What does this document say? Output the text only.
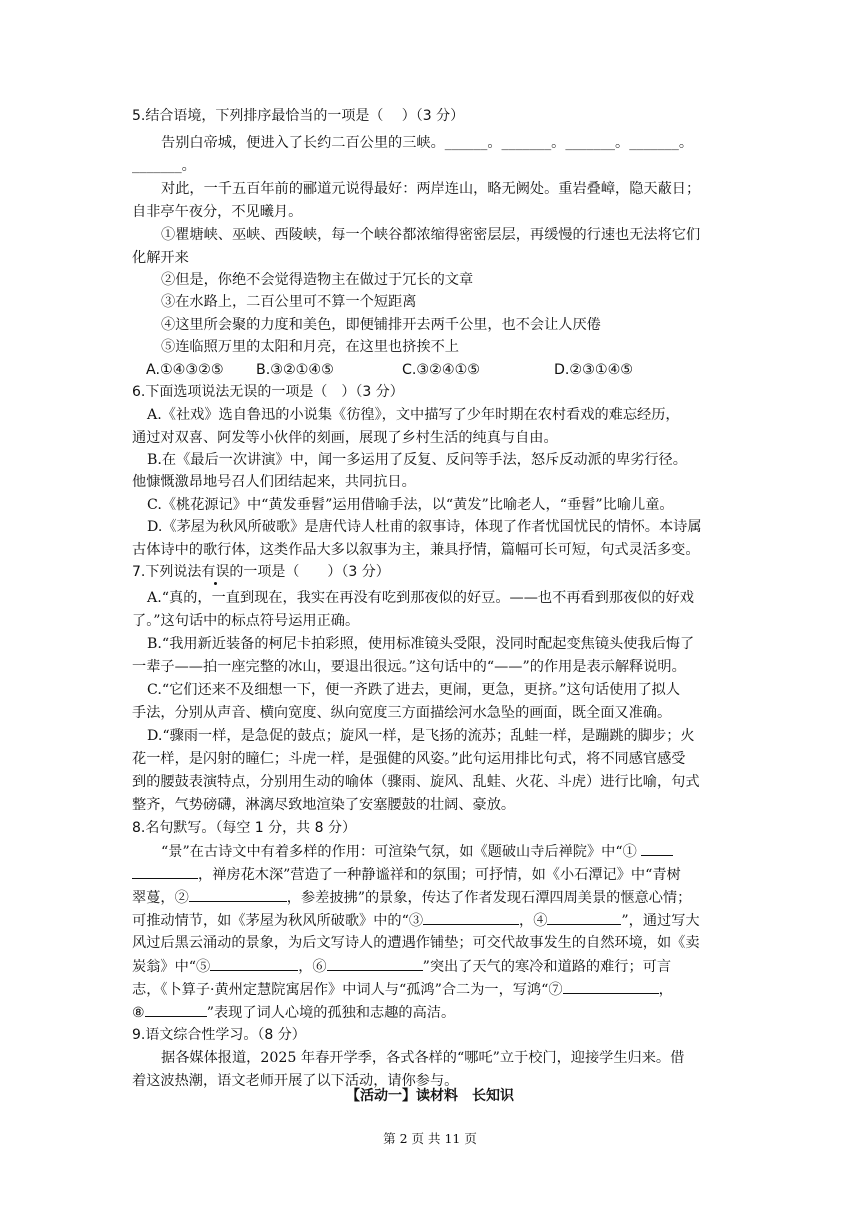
5.结合语境，下列排序最恰当的一项是（　 ）（3 分）
告别白帝城，便进入了长约二百公里的三峡。______。_______。_______。_______。
_______。
对此，一千五百年前的郦道元说得最好：两岸连山，略无阙处。重岩叠嶂，隐天蔽日；
自非亭午夜分，不见曦月。
①瞿塘峡、巫峡、西陵峡，每一个峡谷都浓缩得密密层层，再缓慢的行速也无法将它们
化解开来
②但是，你绝不会觉得造物主在做过于冗长的文章
③在水路上，二百公里可不算一个短距离
④这里所会聚的力度和美色，即便铺排开去两千公里，也不会让人厌倦
⑤连临照万里的太阳和月亮，在这里也挤挨不上
A.①④③②⑤ B.③②①④⑤	C.③②④①⑤	D.②③①④⑤
6.下面选项说法无误的一项是（　）（3 分）
A.《社戏》选自鲁迅的小说集《彷徨》，文中描写了少年时期在农村看戏的难忘经历，
通过对双喜、阿发等小伙伴的刻画，展现了乡村生活的纯真与自由。
B.在《最后一次讲演》中，闻一多运用了反复、反问等手法，怒斥反动派的卑劣行径。
他慷慨激昂地号召人们团结起来，共同抗日。
C.《桃花源记》中“黄发垂髫”运用借喻手法，以“黄发”比喻老人，“垂髫”比喻儿童。
D.《茅屋为秋风所破歌》是唐代诗人杜甫的叙事诗，体现了作者忧国忧民的情怀。本诗属
古体诗中的歌行体，这类作品大多以叙事为主，兼具抒情，篇幅可长可短，句式灵活多变。
7.下列说法有误的一项是（　　）（3 分）
A.“真的，一直到现在，我实在再没有吃到那夜似的好豆。——也不再看到那夜似的好戏
了。”这句话中的标点符号运用正确。
B.“我用新近装备的柯尼卡拍彩照，使用标准镜头受限，没同时配起变焦镜头使我后悔了
一辈子——拍一座完整的冰山，要退出很远。”这句话中的“——”的作用是表示解释说明。
C.“它们还来不及细想一下，便一齐跌了进去，更闹，更急，更挤。”这句话使用了拟人
手法，分别从声音、横向宽度、纵向宽度三方面描绘河水急坠的画面，既全面又准确。
D.“骤雨一样，是急促的鼓点；旋风一样，是飞扬的流苏；乱蛙一样，是蹦跳的脚步；火
花一样，是闪射的瞳仁；斗虎一样，是强健的风姿。”此句运用排比句式，将不同感官感受
到的腰鼓表演特点，分别用生动的喻体（骤雨、旋风、乱蛙、火花、斗虎）进行比喻，句式
整齐，气势磅礴，淋漓尽致地渲染了安塞腰鼓的壮阔、豪放。
8.名句默写。（每空 1 分，共 8 分）
“景”在古诗文中有着多样的作用：可渲染气氛，如《题破山寺后禅院》中“①
，禅房花木深”营造了一种静谧祥和的氛围；可抒情，如《小石潭记》中“青树
翠蔓，②	，参差披拂”的景象，传达了作者发现石潭四周美景的惬意心情；
可推动情节，如《茅屋为秋风所破歌》中的“③	，④	”，通过写大
风过后黑云涌动的景象，为后文写诗人的遭遇作铺垫；可交代故事发生的自然环境，如《卖
炭翁》中“⑤	，⑥	”突出了天气的寒冷和道路的难行；可言
志，《卜算子·黄州定慧院寓居作》中词人与“孤鸿”合二为一，写鸿“⑦	，
⑧	”表现了词人心境的孤独和志趣的高洁。
9.语文综合性学习。（8 分）
据各媒体报道，2025 年春开学季，各式各样的“哪吒”立于校门，迎接学生归来。借
着这波热潮，语文老师开展了以下活动，请你参与。
【活动一】读材料　长知识
第 2 页 共 11 页
